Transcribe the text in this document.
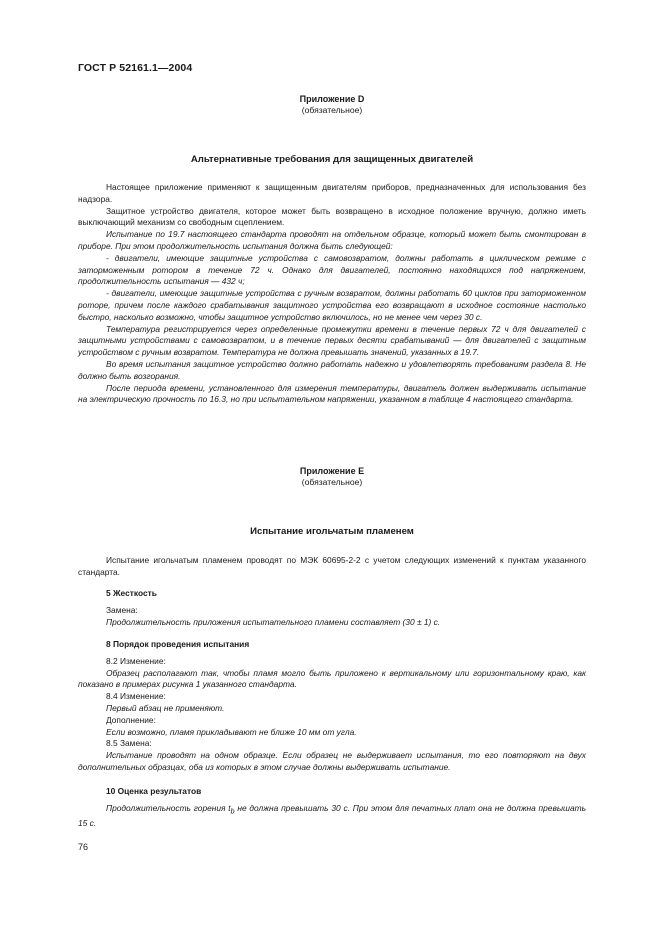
ГОСТ Р 52161.1—2004
Приложение D
(обязательное)
Альтернативные требования для защищенных двигателей

Настоящее приложение применяют к защищенным двигателям приборов, предназначенных для использования без надзора.

Защитное устройство двигателя, которое может быть возвращено в исходное положение вручную, должно иметь выключающий механизм со свободным сцеплением.

Испытание по 19.7 настоящего стандарта проводят на отдельном образце, который может быть смонтирован в приборе. При этом продолжительность испытания должна быть следующей:

- двигатели, имеющие защитные устройства с самовозвратом, должны работать в циклическом режиме с заторможенным ротором в течение 72 ч. Однако для двигателей, постоянно находящихся под напряжением, продолжительность испытания — 432 ч;

- двигатели, имеющие защитные устройства с ручным возвратом, должны работать 60 циклов при заторможенном роторе, причем после каждого срабатывания защитного устройства его возвращают в исходное состояние настолько быстро, насколько возможно, чтобы защитное устройство включилось, но не менее чем через 30 с.

Температура регистрируется через определенные промежутки времени в течение первых 72 ч для двигателей с защитными устройствами с самовозвратом, и в течение первых десяти срабатываний — для двигателей с защитным устройством с ручным возвратом. Температура не должна превышать значений, указанных в 19.7.

Во время испытания защитное устройство должно работать надежно и удовлетворять требованиям раздела 8. Не должно быть возгорания.

После периода времени, установленного для измерения температуры, двигатель должен выдерживать испытание на электрическую прочность по 16.3, но при испытательном напряжении, указанном в таблице 4 настоящего стандарта.

Приложение Е
(обязательное)
Испытание игольчатым пламенем

Испытание игольчатым пламенем проводят по МЭК 60695-2-2 с учетом следующих изменений к пунктам указанного стандарта.

5 Жесткость

Замена:

Продолжительность приложения испытательного пламени составляет (30 ± 1) с.

8 Порядок проведения испытания

8.2 Изменение:

Образец располагают так, чтобы пламя могло быть приложено к вертикальному или горизонтальному краю, как показано в примерах рисунка 1 указанного стандарта.

8.4 Изменение:

Первый абзац не применяют.

Дополнение:

Если возможно, пламя прикладывают не ближе 10 мм от угла.

8.5 Замена:

Испытание проводят на одном образце. Если образец не выдерживает испытания, то его повторяют на двух дополнительных образцах, оба из которых в этом случае должны выдерживать испытание.

10 Оценка результатов

Продолжительность горения $t_b$ не должна превышать 30 с. При этом для печатных плат она не должна превышать 15 с.

76
